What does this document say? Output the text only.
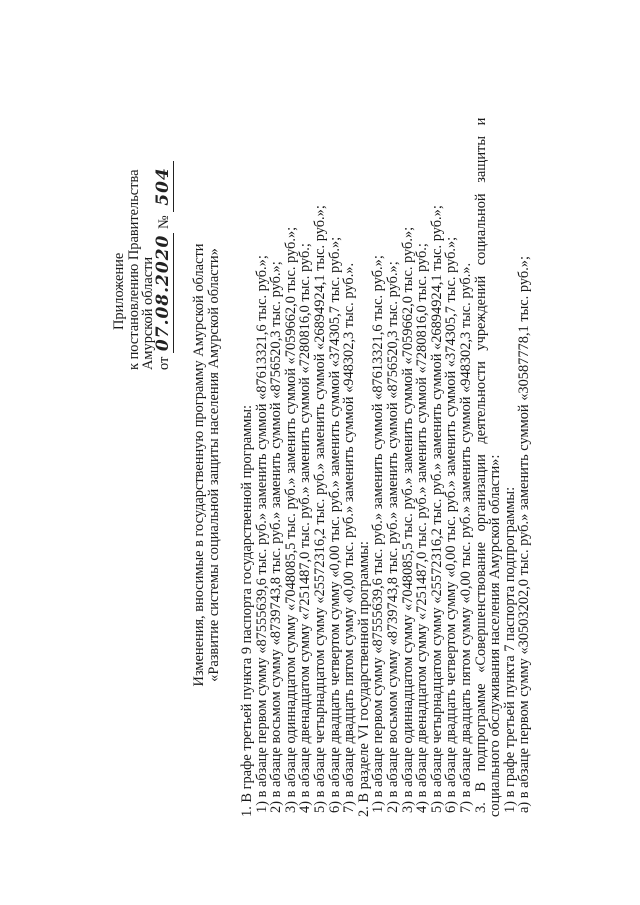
Приложение
к постановлению Правительства
Амурской области от 07.08.2020 № 504
Изменения, вносимые в государственную программу Амурской области
«Развитие системы социальной защиты населения Амурской области» 1. В графе третьей пункта 9 паспорта государственной программы:
1) в абзаце первом сумму «87555639,6 тыс. руб.» заменить суммой «87613321,6 тыс. руб.»;
2) в абзаце восьмом сумму «8739743,8 тыс. руб.» заменить суммой «8756520,3 тыс. руб.»;
3) в абзаце одиннадцатом сумму «7048085,5 тыс. руб.» заменить суммой «7059662,0 тыс. руб.»;
4) в абзаце двенадцатом сумму «7251487,0 тыс. руб.» заменить суммой «7280816,0 тыс. руб.;
5) в абзаце четырнадцатом сумму «25572316,2 тыс. руб.» заменить суммой «26894924,1 тыс. руб.»;
6) в абзаце двадцать четвертом сумму «0,00 тыс. руб.» заменить суммой «374305,7 тыс. руб.»;
7) в абзаце двадцать пятом сумму «0,00 тыс. руб.» заменить суммой «948302,3 тыс. руб.».
2. В разделе VI государственной программы:
1) в абзаце первом сумму «87555639,6 тыс. руб.» заменить суммой «87613321,6 тыс. руб.»;
2) в абзаце восьмом сумму «8739743,8 тыс. руб.» заменить суммой «8756520,3 тыс. руб.»;
3) в абзаце одиннадцатом сумму «7048085,5 тыс. руб.» заменить суммой «7059662,0 тыс. руб.»;
4) в абзаце двенадцатом сумму «7251487,0 тыс. руб.» заменить суммой «7280816,0 тыс. руб.;
5) в абзаце четырнадцатом сумму «25572316,2 тыс. руб.» заменить суммой «26894924,1 тыс. руб.»;
6) в абзаце двадцать четвертом сумму «0,00 тыс. руб.» заменить суммой «374305,7 тыс. руб.»;
7) в абзаце двадцать пятом сумму «0,00 тыс. руб.» заменить суммой «948302,3 тыс. руб.».
3. В подпрограмме «Совершенствование организации деятельности учреждений социальной защиты и
социального обслуживания населения Амурской области»:
1) в графе третьей пункта 7 паспорта подпрограммы:
а) в абзаце первом сумму «30503202,0 тыс. руб.» заменить суммой «30587778,1 тыс. руб.»;
